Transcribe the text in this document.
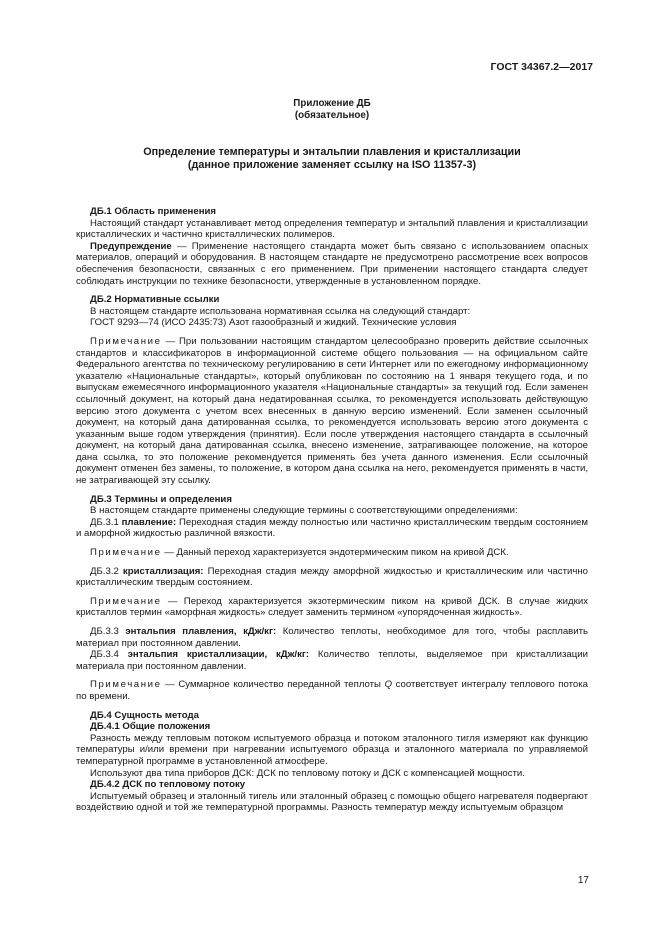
ГОСТ 34367.2—2017
Приложение ДБ
(обязательное)
Определение температуры и энтальпии плавления и кристаллизации
(данное приложение заменяет ссылку на ISO 11357-3)

ДБ.1 Область применения

Настоящий стандарт устанавливает метод определения температур и энтальпий плавления и кристаллизации кристаллических и частично кристаллических полимеров.

Предупреждение — Применение настоящего стандарта может быть связано с использованием опасных материалов, операций и оборудования. В настоящем стандарте не предусмотрено рассмотрение всех вопросов обеспечения безопасности, связанных с его применением. При применении настоящего стандарта следует соблюдать инструкции по технике безопасности, утвержденные в установленном порядке.

ДБ.2 Нормативные ссылки

В настоящем стандарте использована нормативная ссылка на следующий стандарт:

ГОСТ 9293—74 (ИСО 2435:73) Азот газообразный и жидкий. Технические условия

Примечание — При пользовании настоящим стандартом целесообразно проверить действие ссылочных стандартов и классификаторов в информационной системе общего пользования — на официальном сайте Федерального агентства по техническому регулированию в сети Интернет или по ежегодному информационному указателю «Национальные стандарты», который опубликован по состоянию на 1 января текущего года, и по выпускам ежемесячного информационного указателя «Национальные стандарты» за текущий год. Если заменен ссылочный документ, на который дана недатированная ссылка, то рекомендуется использовать действующую версию этого документа с учетом всех внесенных в данную версию изменений. Если заменен ссылочный документ, на который дана датированная ссылка, то рекомендуется использовать версию этого документа с указанным выше годом утверждения (принятия). Если после утверждения настоящего стандарта в ссылочный документ, на который дана датированная ссылка, внесено изменение, затрагивающее положение, на которое дана ссылка, то это положение рекомендуется применять без учета данного изменения. Если ссылочный документ отменен без замены, то положение, в котором дана ссылка на него, рекомендуется применять в части, не затрагивающей эту ссылку.

ДБ.3 Термины и определения

В настоящем стандарте применены следующие термины с соответствующими определениями:

ДБ.3.1 плавление: Переходная стадия между полностью или частично кристаллическим твердым состоянием и аморфной жидкостью различной вязкости.

Примечание — Данный переход характеризуется эндотермическим пиком на кривой ДСК.

ДБ.3.2 кристаллизация: Переходная стадия между аморфной жидкостью и кристаллическим или частично кристаллическим твердым состоянием.

Примечание — Переход характеризуется экзотермическим пиком на кривой ДСК. В случае жидких кристаллов термин «аморфная жидкость» следует заменить термином «упорядоченная жидкость».

ДБ.3.3 энтальпия плавления, кДж/кг: Количество теплоты, необходимое для того, чтобы расплавить материал при постоянном давлении.

ДБ.3.4 энтальпия кристаллизации, кДж/кг: Количество теплоты, выделяемое при кристаллизации материала при постоянном давлении.

Примечание — Суммарное количество переданной теплоты Q соответствует интегралу теплового потока по времени.

ДБ.4 Сущность метода

ДБ.4.1 Общие положения

Разность между тепловым потоком испытуемого образца и потоком эталонного тигля измеряют как функцию температуры и/или времени при нагревании испытуемого образца и эталонного материала по управляемой температурной программе в установленной атмосфере.

Используют два типа приборов ДСК: ДСК по тепловому потоку и ДСК с компенсацией мощности.

ДБ.4.2 ДСК по тепловому потоку

Испытуемый образец и эталонный тигель или эталонный образец с помощью общего нагревателя подвергают воздействию одной и той же температурной программы. Разность температур между испытуемым образцом

17
